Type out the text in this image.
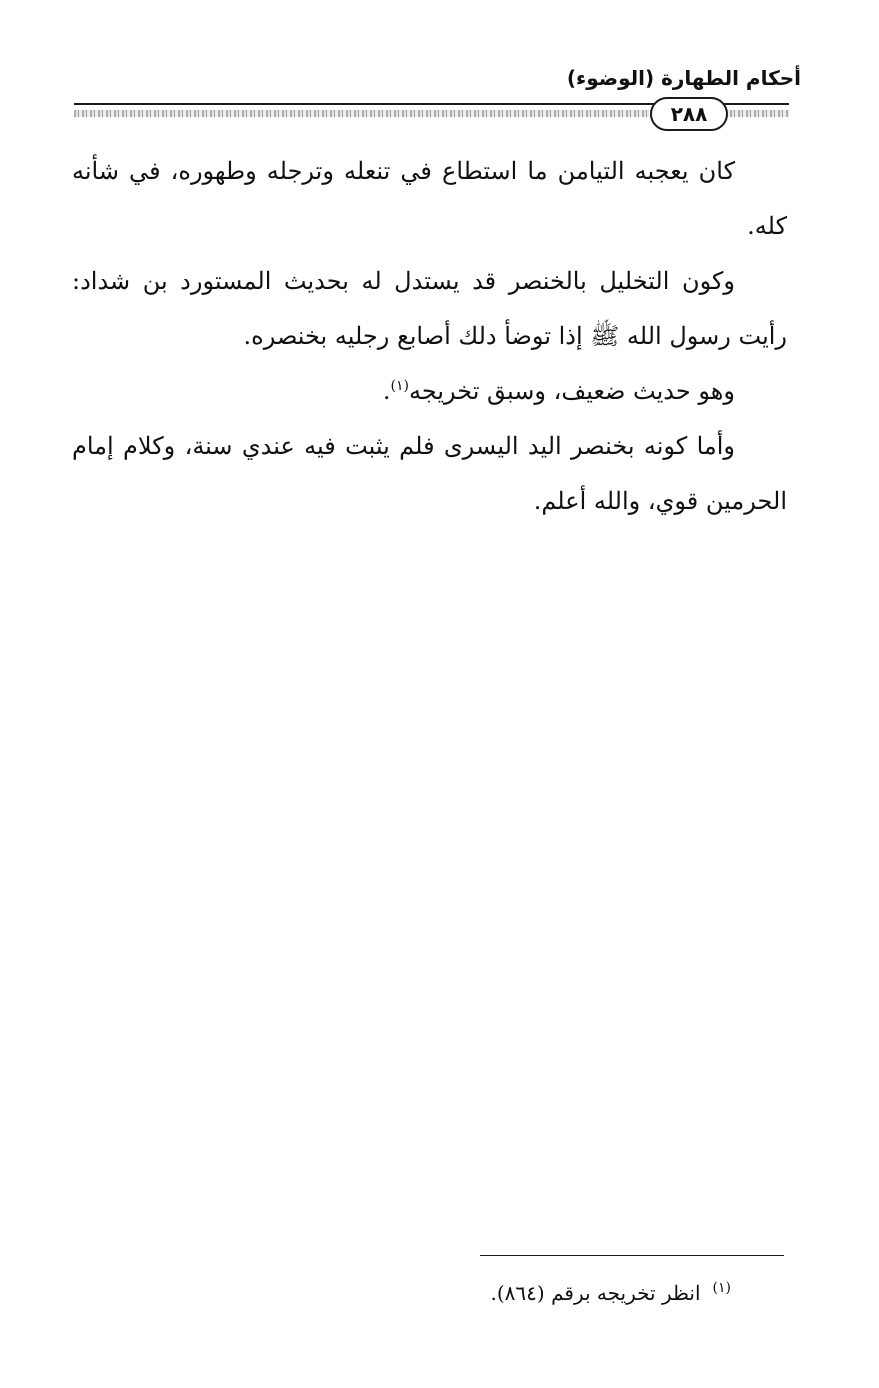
أحكام الطهارة (الوضوء)
٢٨٨

كان يعجبه التيامن ما استطاع في تنعله وترجله وطهوره، في شأنه كله.

وكون التخليل بالخنصر قد يستدل له بحديث المستورد بن شداد: رأيت رسول الله ﷺ إذا توضأ دلك أصابع رجليه بخنصره.

وهو حديث ضعيف، وسبق تخريجه$^{(١)}$.

وأما كونه بخنصر اليد اليسرى فلم يثبت فيه عندي سنة، وكلام إمام الحرمين قوي، والله أعلم.

$^{(١)}$انظر تخريجه برقم (٨٦٤).
